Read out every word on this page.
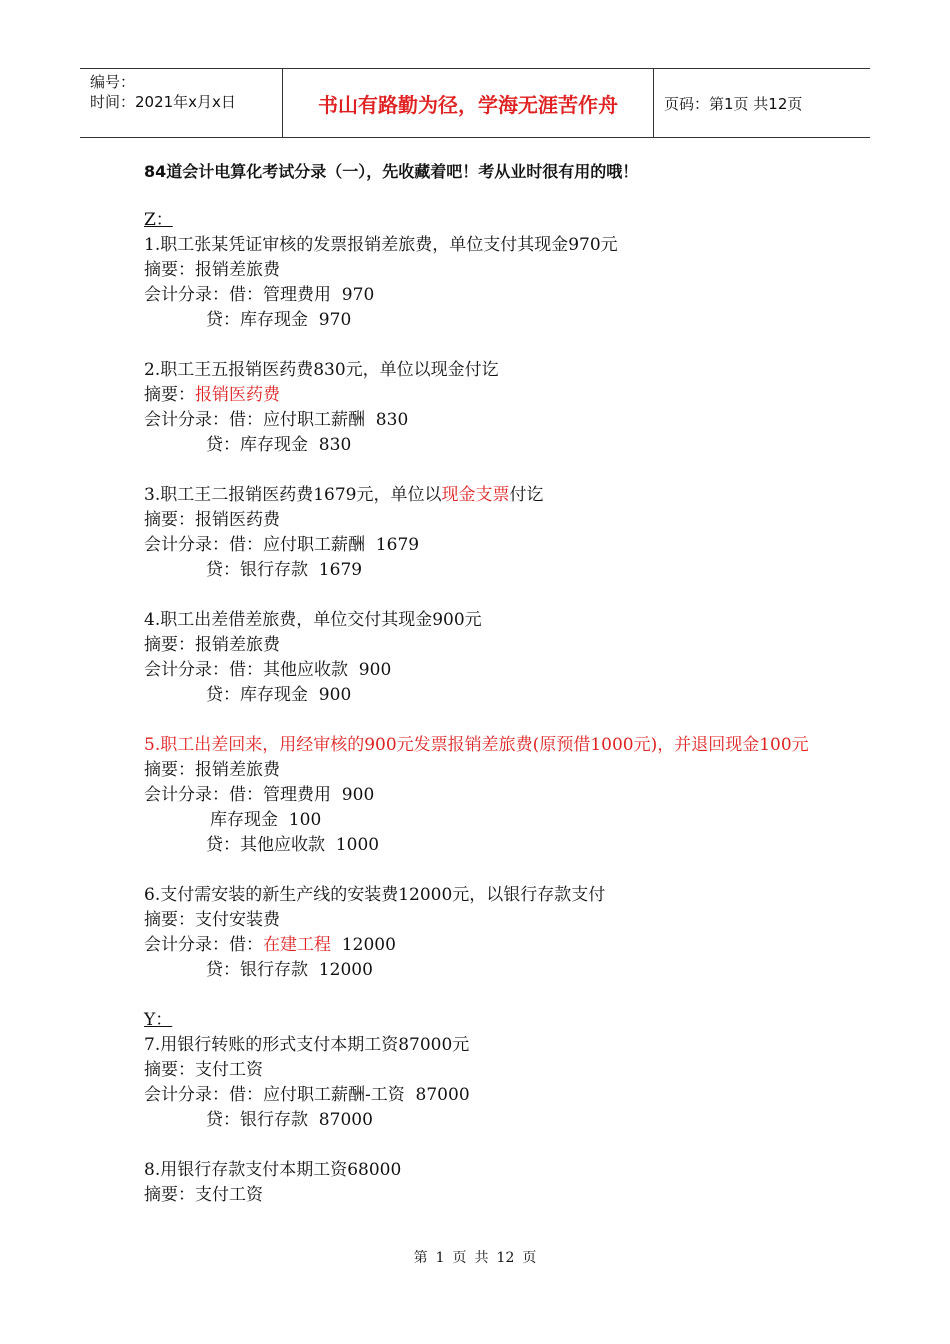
编号：
时间：2021年x月x日	书山有路勤为径，学海无涯苦作舟	页码：第1页 共12页
84道会计电算化考试分录（一），先收藏着吧！考从业时很有用的哦！
Z：
1.职工张某凭证审核的发票报销差旅费，单位支付其现金970元
摘要：报销差旅费
会计分录：借：管理费用  970
贷：库存现金  970
2.职工王五报销医药费830元，单位以现金付讫
摘要：报销医药费
会计分录：借：应付职工薪酬  830
贷：库存现金  830
3.职工王二报销医药费1679元，单位以现金支票付讫
摘要：报销医药费
会计分录：借：应付职工薪酬  1679
贷：银行存款  1679
4.职工出差借差旅费，单位交付其现金900元
摘要：报销差旅费
会计分录：借：其他应收款  900
贷：库存现金  900
5.职工出差回来，用经审核的900元发票报销差旅费(原预借1000元)，并退回现金100元
摘要：报销差旅费
会计分录：借：管理费用  900
库存现金  100
贷：其他应收款  1000
6.支付需安装的新生产线的安装费12000元，以银行存款支付
摘要：支付安装费
会计分录：借：在建工程  12000
贷：银行存款  12000
Y：
7.用银行转账的形式支付本期工资87000元
摘要：支付工资
会计分录：借：应付职工薪酬-工资  87000
贷：银行存款  87000
8.用银行存款支付本期工资68000
摘要：支付工资
第 1 页 共 12 页
